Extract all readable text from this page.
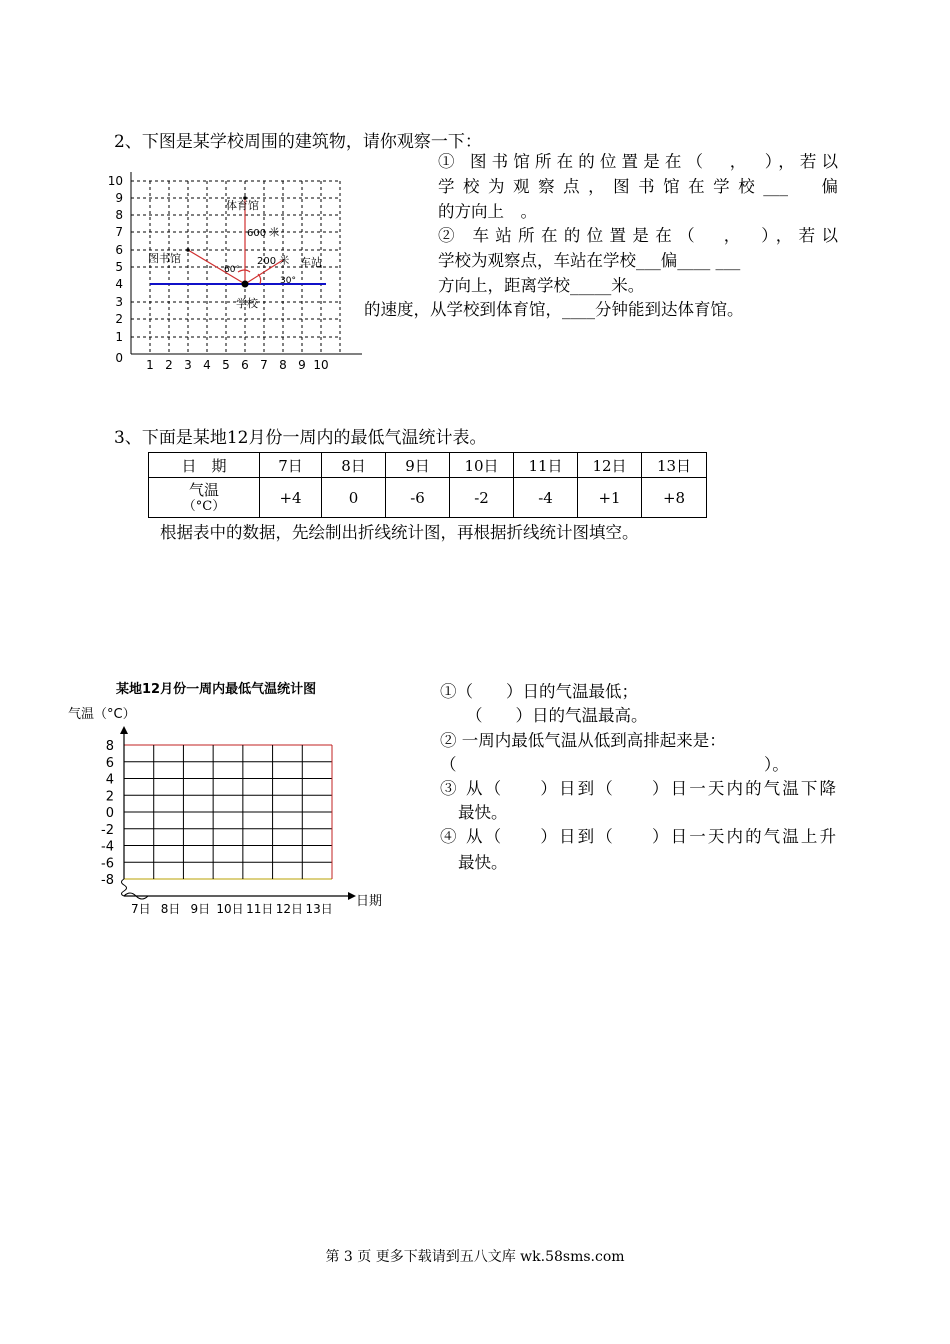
2、下图是某学校周围的建筑物，请你观察一下：
10
9
8
7
6
5
4
3
2
1
0 1 2 3 4 5 6 7 8 9 10
体育馆
图书馆	车站
学校
600 米
200 米
60°
30°
① 图书馆所在的位置是在（　，　），若以
学校为观察点，图书馆在学校___　偏
的方向上　。
② 车站所在的位置是在（　，　），若以
学校为观察点，车站在学校___偏____ ___
方向上，距离学校_____米。
的速度，从学校到体育馆，____分钟能到达体育馆。
3、下面是某地12月份一周内的最低气温统计表。
日　期	7日	8日	9日	10日	11日	12日	13日

气温
（°C）	+4	0	-6	-2	-4	+1	+8
根据表中的数据，先绘制出折线统计图，再根据折线统计图填空。
某地12月份一周内最低气温统计图
气温（°C）
日期
8
6
4
2
0
-2
-4
-6
-8
7日 8日 9日 10日 11日 12日 13日
①（　　）日的气温最低；
（　　）日的气温最高。
② 一周内最低气温从低到高排起来是：
（	）。
③ 从（　　）日到（　　）日一天内的气温下降
最快。
④ 从（　　）日到（　　）日一天内的气温上升
最快。
第 3 页 更多下载请到五八文库 wk.58sms.com
